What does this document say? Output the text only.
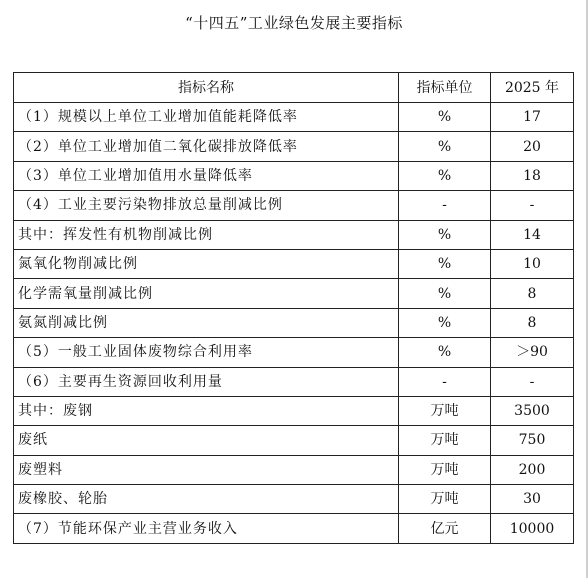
“十四五”工业绿色发展主要指标
指标名称	指标单位	2025 年
（1）规模以上单位工业增加值能耗降低率	%	17
（2）单位工业增加值二氧化碳排放降低率	%	20
（3）单位工业增加值用水量降低率	%	18
（4）工业主要污染物排放总量削减比例	-	-
其中：挥发性有机物削减比例	%	14
氮氧化物削减比例	%	10
化学需氧量削减比例	%	8
氨氮削减比例	%	8
（5）一般工业固体废物综合利用率	%	＞90
（6）主要再生资源回收利用量	-	-
其中：废钢	万吨	3500
废纸	万吨	750
废塑料	万吨	200
废橡胶、轮胎	万吨	30
（7）节能环保产业主营业务收入	亿元	10000
